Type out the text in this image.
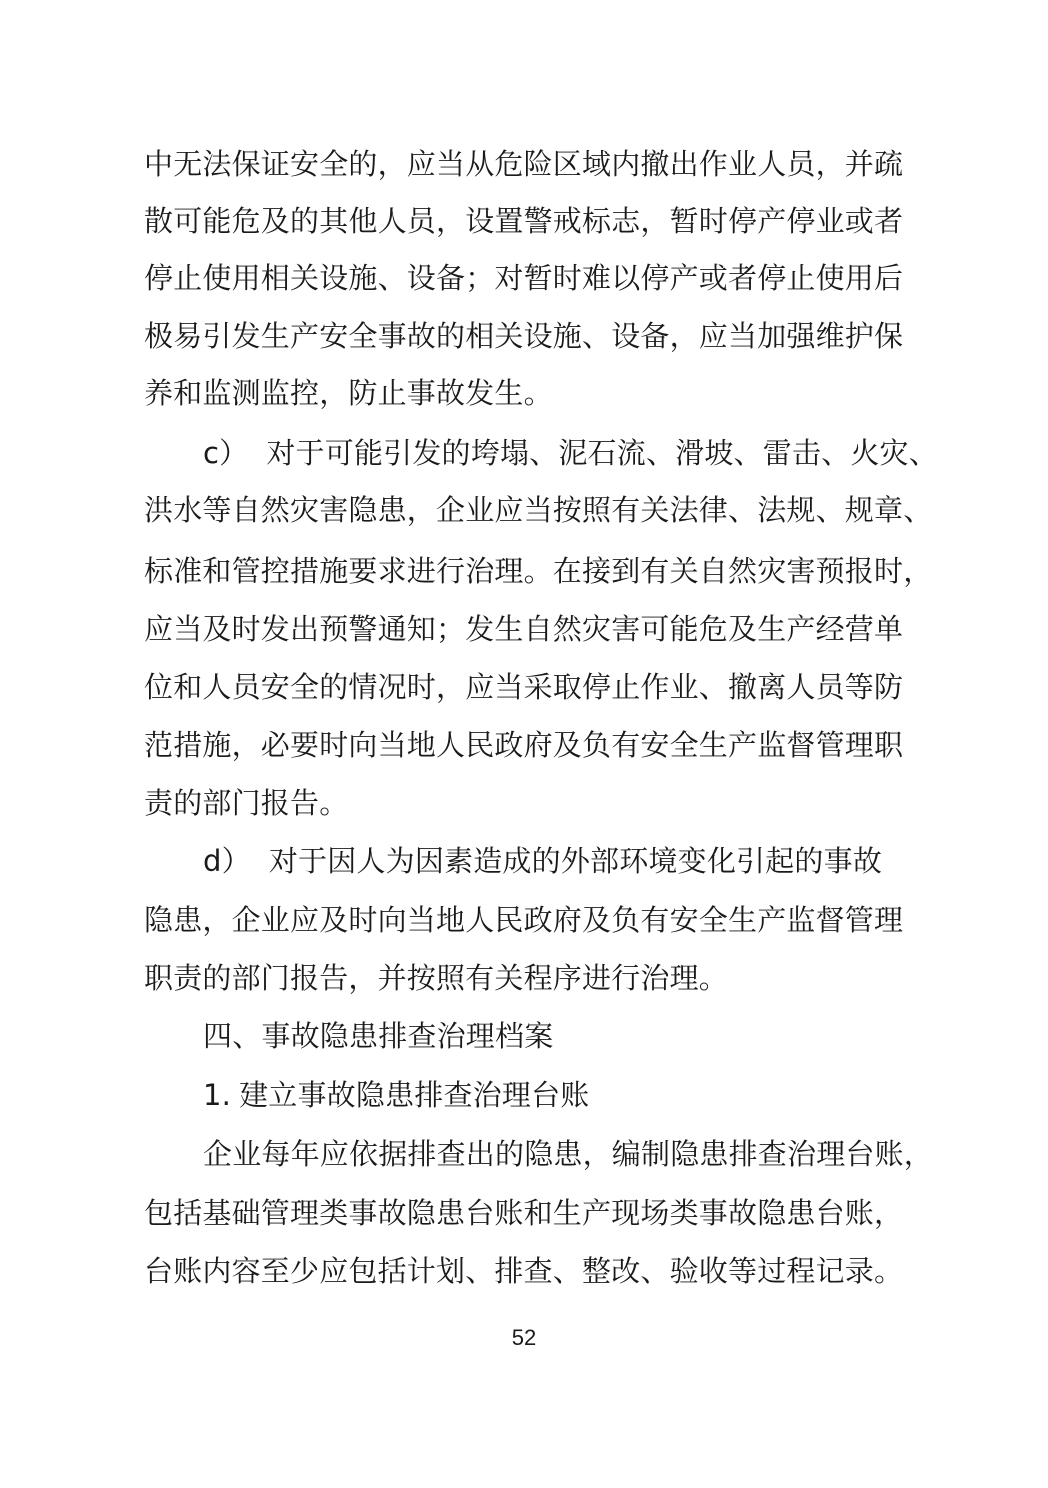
中无法保证安全的，应当从危险区域内撤出作业人员，并疏
散可能危及的其他人员，设置警戒标志，暂时停产停业或者
停止使用相关设施、设备；对暂时难以停产或者停止使用后
极易引发生产安全事故的相关设施、设备，应当加强维护保
养和监测监控，防止事故发生。
c） 对于可能引发的垮塌、泥石流、滑坡、雷击、火灾、
洪水等自然灾害隐患，企业应当按照有关法律、法规、规章、
标准和管控措施要求进行治理。在接到有关自然灾害预报时，
应当及时发出预警通知；发生自然灾害可能危及生产经营单
位和人员安全的情况时，应当采取停止作业、撤离人员等防
范措施，必要时向当地人民政府及负有安全生产监督管理职
责的部门报告。
d） 对于因人为因素造成的外部环境变化引起的事故
隐患，企业应及时向当地人民政府及负有安全生产监督管理
职责的部门报告，并按照有关程序进行治理。
四、事故隐患排查治理档案
1. 建立事故隐患排查治理台账
企业每年应依据排查出的隐患，编制隐患排查治理台账，
包括基础管理类事故隐患台账和生产现场类事故隐患台账，
台账内容至少应包括计划、排查、整改、验收等过程记录。
52
